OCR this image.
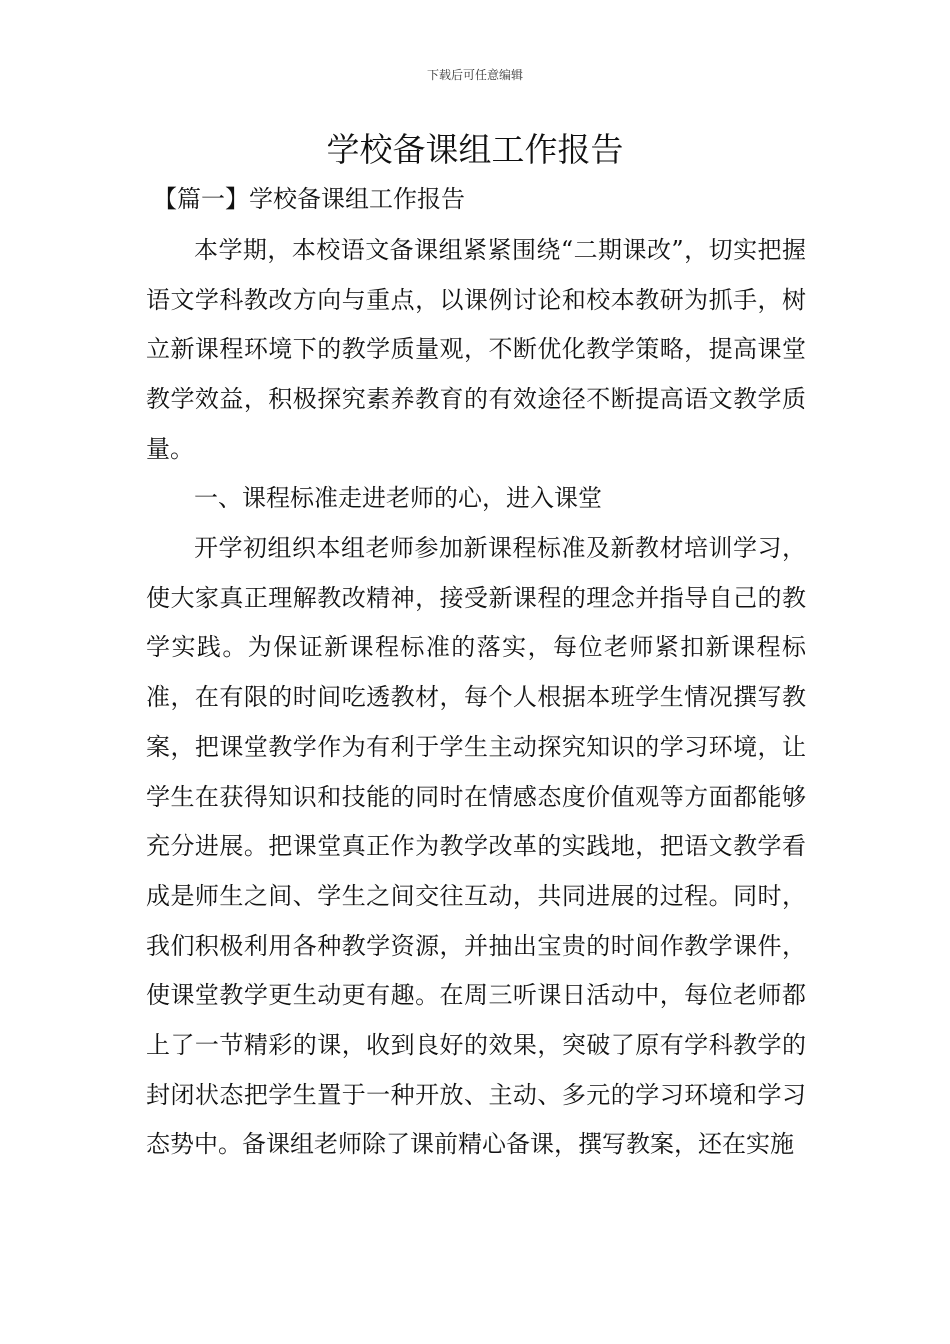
下载后可任意编辑
学校备课组工作报告
【篇一】学校备课组工作报告

本学期，本校语文备课组紧紧围绕“二期课改”，切实把握语文学科教改方向与重点，以课例讨论和校本教研为抓手，树立新课程环境下的教学质量观，不断优化教学策略，提高课堂教学效益，积极探究素养教育的有效途径不断提高语文教学质量。

一、课程标准走进老师的心，进入课堂

开学初组织本组老师参加新课程标准及新教材培训学习，使大家真正理解教改精神，接受新课程的理念并指导自己的教学实践。为保证新课程标准的落实，每位老师紧扣新课程标准，在有限的时间吃透教材，每个人根据本班学生情况撰写教案，把课堂教学作为有利于学生主动探究知识的学习环境，让学生在获得知识和技能的同时在情感态度价值观等方面都能够充分进展。把课堂真正作为教学改革的实践地，把语文教学看成是师生之间、学生之间交往互动，共同进展的过程。同时，我们积极利用各种教学资源，并抽出宝贵的时间作教学课件，使课堂教学更生动更有趣。在周三听课日活动中，每位老师都上了一节精彩的课，收到良好的效果，突破了原有学科教学的封闭状态把学生置于一种开放、主动、多元的学习环境和学习态势中。备课组老师除了课前精心备课，撰写教案，还在实施
